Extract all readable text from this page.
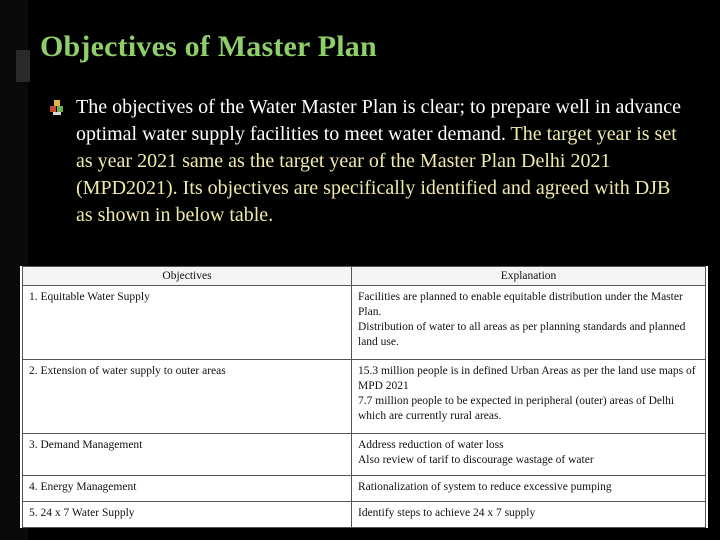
Objectives of Master Plan
The objectives of the Water Master Plan is clear; to prepare well in advance optimal water supply facilities to meet water demand. The target year is set as year 2021 same as the target year of the Master Plan Delhi 2021 (MPD2021). Its objectives are specifically identified and agreed with DJB as shown in below table.
Objectives	Explanation
1. Equitable Water Supply	Facilities are planned to enable equitable distribution under the Master Plan.
Distribution of water to all areas as per planning standards and planned land use.

2. Extension of water supply to outer areas	15.3 million people is in defined Urban Areas as per the land use maps of MPD 2021
7.7 million people to be expected in peripheral (outer) areas of Delhi which are currently rural areas.

3. Demand Management	Address reduction of water loss
Also review of tarif to discourage wastage of water

4. Energy Management	Rationalization of system to reduce excessive pumping

5. 24 x 7 Water Supply	Identify steps to achieve 24 x 7 supply
